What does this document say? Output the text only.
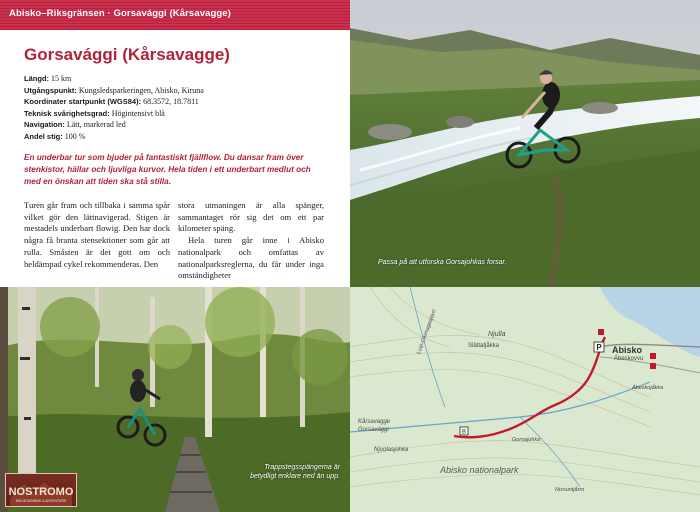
Abisko–Riksgränsen · Gorsavággi (Kårsavagge)
Gorsavággi (Kårsavagge)
Längd: 15 km
Utgångspunkt: Kungsledsparkeringen, Abisko, Kiruna
Koordinater startpunkt (WGS84): 68.3572, 18.7811
Teknisk svårighetsgrad: Högintensivt blå
Navigation: Lätt, markerad led
Andel stig: 100 %
En underbar tur som bjuder på fantastiskt fjällflow. Du dansar fram över stenkistor, hällar och ljuvliga kurvor. Hela tiden i ett underbart medlut och med en önskan att tiden ska stå stilla.

Turen går fram och tillbaka i samma spår vilket gör den lättnavigerad. Stigen är mestadels underbart flowig. Den har dock några få branta stensektioner som går att rulla. Småsten är det gott om och heldämpad cykel rekommenderas. Den

stora utmaningen är alla spänger, sammantaget rör sig det om ett par kilometer späng.

Hela turen går inne i Abisko nationalpark och omfattas av nationalparksreglerna, du får under inga omständigheter

Passa på att utforska Gorsajohkas forsar.
Trappstegsspängerna är betydligt enklare ned än upp.
NOSTROMO
MOUNTAINBIKE & ADVENTURE
B
P
Njulla
Slättatjåkka	Abisko
Ábeskovvu
Kårsavagge
Gorsavággi
Gorsajohka
Abisko nationalpark
Njuolasjohka
Ábeskojåkka
Luip-Cavnagasjavri
Nissuntjårro
